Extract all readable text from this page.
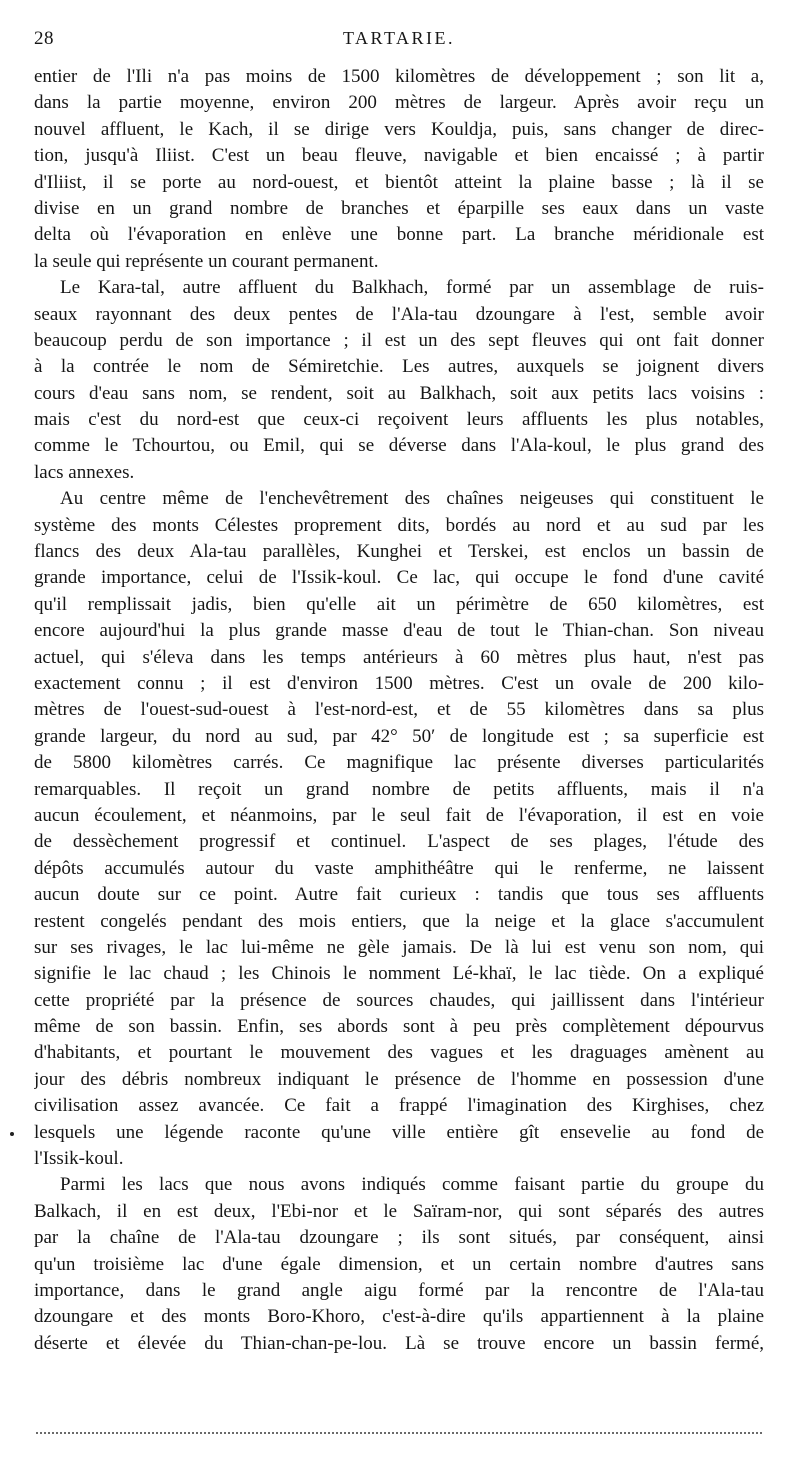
28	TARTARIE.
entier de l'Ili n'a pas moins de 1500 kilomètres de développement ; son lit a,
dans la partie moyenne, environ 200 mètres de largeur. Après avoir reçu un
nouvel affluent, le Kach, il se dirige vers Kouldja, puis, sans changer de direc-
tion, jusqu'à Iliist. C'est un beau fleuve, navigable et bien encaissé ; à partir
d'Iliist, il se porte au nord-ouest, et bientôt atteint la plaine basse ; là il se
divise en un grand nombre de branches et éparpille ses eaux dans un vaste
delta où l'évaporation en enlève une bonne part. La branche méridionale est
la seule qui représente un courant permanent.
Le Kara-tal, autre affluent du Balkhach, formé par un assemblage de ruis-
seaux rayonnant des deux pentes de l'Ala-tau dzoungare à l'est, semble avoir
beaucoup perdu de son importance ; il est un des sept fleuves qui ont fait donner
à la contrée le nom de Sémiretchie. Les autres, auxquels se joignent divers
cours d'eau sans nom, se rendent, soit au Balkhach, soit aux petits lacs voisins :
mais c'est du nord-est que ceux-ci reçoivent leurs affluents les plus notables,
comme le Tchourtou, ou Emil, qui se déverse dans l'Ala-koul, le plus grand des
lacs annexes.
Au centre même de l'enchevêtrement des chaînes neigeuses qui constituent le
système des monts Célestes proprement dits, bordés au nord et au sud par les
flancs des deux Ala-tau parallèles, Kunghei et Terskei, est enclos un bassin de
grande importance, celui de l'Issik-koul. Ce lac, qui occupe le fond d'une cavité
qu'il remplissait jadis, bien qu'elle ait un périmètre de 650 kilomètres, est
encore aujourd'hui la plus grande masse d'eau de tout le Thian-chan. Son niveau
actuel, qui s'éleva dans les temps antérieurs à 60 mètres plus haut, n'est pas
exactement connu ; il est d'environ 1500 mètres. C'est un ovale de 200 kilo-
mètres de l'ouest-sud-ouest à l'est-nord-est, et de 55 kilomètres dans sa plus
grande largeur, du nord au sud, par 42° 50′ de longitude est ; sa superficie est
de 5800 kilomètres carrés. Ce magnifique lac présente diverses particularités
remarquables. Il reçoit un grand nombre de petits affluents, mais il n'a
aucun écoulement, et néanmoins, par le seul fait de l'évaporation, il est en voie
de dessèchement progressif et continuel. L'aspect de ses plages, l'étude des
dépôts accumulés autour du vaste amphithéâtre qui le renferme, ne laissent
aucun doute sur ce point. Autre fait curieux : tandis que tous ses affluents
restent congelés pendant des mois entiers, que la neige et la glace s'accumulent
sur ses rivages, le lac lui-même ne gèle jamais. De là lui est venu son nom, qui
signifie le lac chaud ; les Chinois le nomment Lé-khaï, le lac tiède. On a expliqué
cette propriété par la présence de sources chaudes, qui jaillissent dans l'intérieur
même de son bassin. Enfin, ses abords sont à peu près complètement dépourvus
d'habitants, et pourtant le mouvement des vagues et les draguages amènent au
jour des débris nombreux indiquant le présence de l'homme en possession d'une
civilisation assez avancée. Ce fait a frappé l'imagination des Kirghises, chez
lesquels une légende raconte qu'une ville entière gît ensevelie au fond de
l'Issik-koul.
Parmi les lacs que nous avons indiqués comme faisant partie du groupe du
Balkach, il en est deux, l'Ebi-nor et le Saïram-nor, qui sont séparés des autres
par la chaîne de l'Ala-tau dzoungare ; ils sont situés, par conséquent, ainsi
qu'un troisième lac d'une égale dimension, et un certain nombre d'autres sans
importance, dans le grand angle aigu formé par la rencontre de l'Ala-tau
dzoungare et des monts Boro-Khoro, c'est-à-dire qu'ils appartiennent à la plaine
déserte et élevée du Thian-chan-pe-lou. Là se trouve encore un bassin fermé,
